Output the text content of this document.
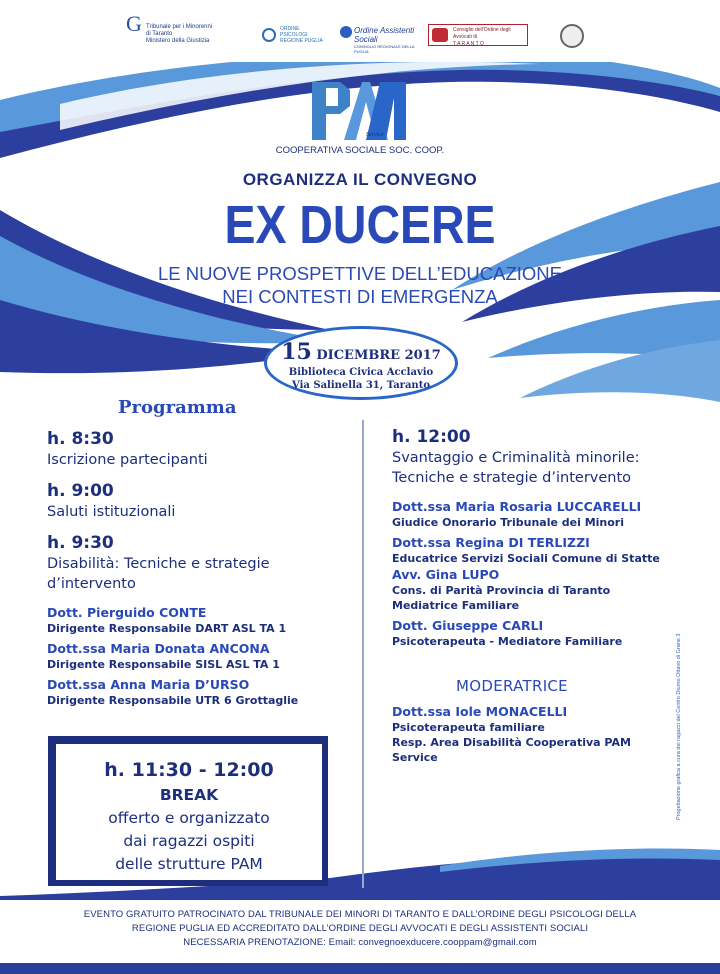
G Tribunale per i Minorenni
di Taranto
Ministero della Giustizia
ORDINE PSICOLOGI REGIONE PUGLIA
Ordine Assistenti Sociali
CONSIGLIO REGIONALE DELLA PUGLIA
Consiglio dell'Ordine degli Avvocati di
T A R A N T O
Service
COOPERATIVA SOCIALE SOC. COOP.
ORGANIZZA IL CONVEGNO
EX DUCERE
LE NUOVE PROSPETTIVE DELL’EDUCAZIONE
NEI CONTESTI DI EMERGENZA
15 DICEMBRE 2017
Biblioteca Civica Acclavio
Via Salinella 31, Taranto
Programma
h. 8:30
Iscrizione partecipanti
h. 9:00
Saluti istituzionali
h. 9:30
Disabilità: Tecniche e strategie
d’intervento
Dott. Pierguido CONTE
Dirigente Responsabile DART ASL TA 1
Dott.ssa Maria Donata ANCONA
Dirigente Responsabile SISL ASL TA 1
Dott.ssa Anna Maria D’URSO
Dirigente Responsabile UTR 6 Grottaglie
h. 11:30 - 12:00
BREAK
offerto e organizzato
dai ragazzi ospiti
delle strutture PAM
h. 12:00
Svantaggio e Criminalità minorile:
Tecniche e strategie d’intervento
Dott.ssa Maria Rosaria LUCCARELLI
Giudice Onorario Tribunale dei Minori
Dott.ssa Regina DI TERLIZZI
Educatrice Servizi Sociali Comune di Statte
Avv. Gina LUPO
Cons. di Parità Provincia di Taranto
Mediatrice Familiare
Dott. Giuseppe CARLI
Psicoterapeuta - Mediatore Familiare
MODERATRICE
Dott.ssa Iole MONACELLI
Psicoterapeuta familiare
Resp. Area Disabilità Cooperativa PAM Service	Progettazione grafica a cura dei ragazzi del Centro Diurno Ottavo di Grane 3
EVENTO GRATUITO PATROCINATO DAL TRIBUNALE DEI MINORI DI TARANTO E DALL’ORDINE DEGLI PSICOLOGI DELLA
REGIONE PUGLIA ED ACCREDITATO DALL’ORDINE DEGLI AVVOCATI E DEGLI ASSISTENTI SOCIALI
NECESSARIA PRENOTAZIONE: Email: convegnoexducere.cooppam@gmail.com
